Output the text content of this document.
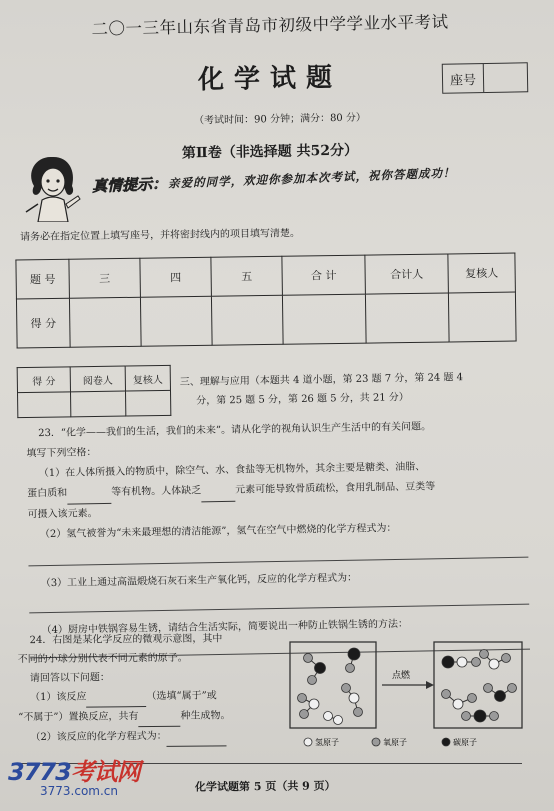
二〇一三年山东省青岛市初级中学学业水平考试
化学试题	座号
（考试时间：90 分钟；满分：80 分）
第Ⅱ卷（非选择题 共52分）
真情提示： 亲爱的同学，欢迎你参加本次考试，祝你答题成功！
请务必在指定位置上填写座号，并将密封线内的项目填写清楚。
题 号	三	四	五	合 计	合计人	复核人
得 分						
得 分	阅卷人	复核人
		三、理解与应用（本题共 4 道小题，第 23 题 7 分，第 24 题 4
分，第 25 题 5 分，第 26 题 5 分，共 21 分）

23．“化学——我们的生活，我们的未来”。请从化学的视角认识生产生活中的有关问题。

填写下列空格：

（1）在人体所摄入的物质中，除空气、水、食盐等无机物外，其余主要是糖类、油脂、

蛋白质和	等有机物。人体缺乏	元素可能导致骨质疏松，食用乳制品、豆类等

可摄入该元素。

（2）氢气被誉为“未来最理想的清洁能源”，氢气在空气中燃烧的化学方程式为：

（3）工业上通过高温煅烧石灰石来生产氧化钙，反应的化学方程式为：

（4）厨房中铁锅容易生锈，请结合生活实际，简要说出一种防止铁锅生锈的方法：

24．右图是某化学反应的微观示意图，其中

不同的小球分别代表不同元素的原子。

请回答以下问题：

（1）该反应	（选填“属于”或

“不属于”）置换反应，共有	种生成物。

（2）该反应的化学方程式为：

点燃
氢原子	氧原子	碳原子
化学试题第 5 页（共 9 页）
3773考试网
3773.com.cn
